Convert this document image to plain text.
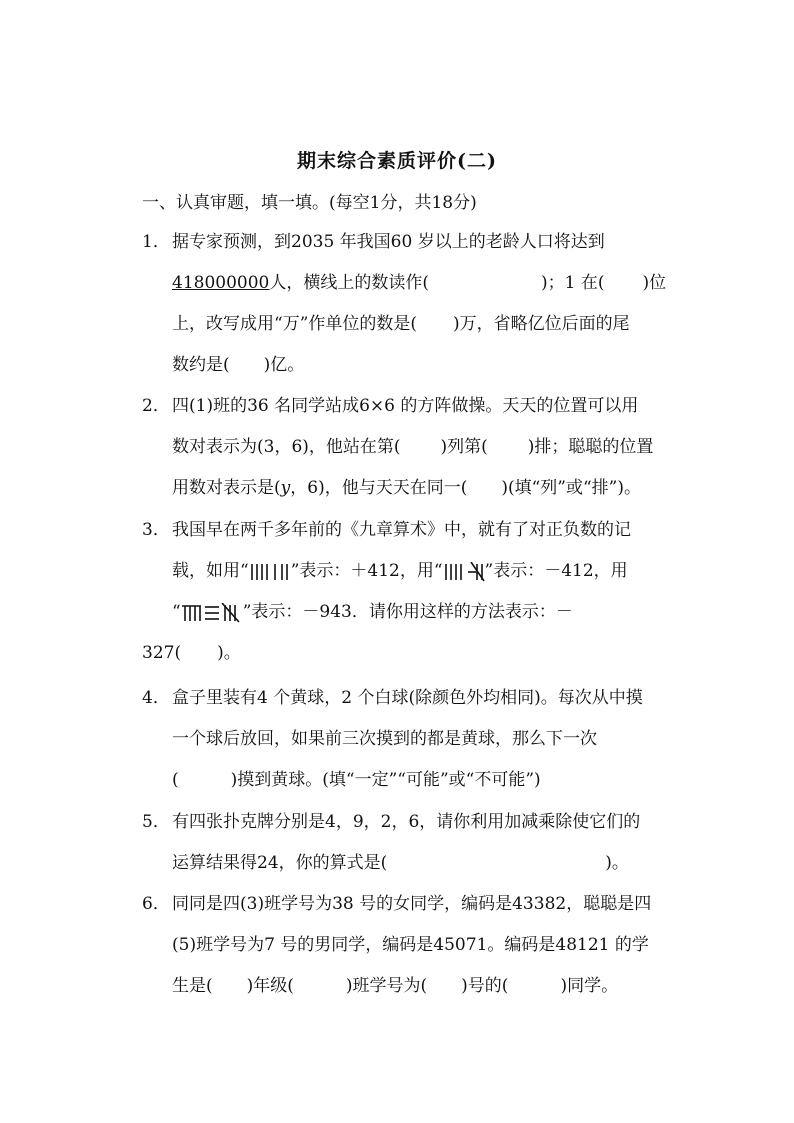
期末综合素质评价(二)
一、认真审题，填一填。(每空1分，共18分)
1． 据专家预测，到2035 年我国60 岁以上的老龄人口将达到
418000000人，横线上的数读作(	)；1 在( )位
上，改写成用“万”作单位的数是( )万，省略亿位后面的尾
数约是( )亿。
2． 四(1)班的36 名同学站成6×6 的方阵做操。天天的位置可以用
数对表示为(3，6)，他站在第( )列第( )排；聪聪的位置
用数对表示是(y，6)，他与天天在同一( )(填“列”或“排”)。
3． 我国早在两千多年前的《九章算术》中，就有了对正负数的记
载，如用“ ”表示：＋412，用“ ”表示：－412，用
“	”表示：－943．请你用这样的方法表示：－
327( )。
4． 盒子里装有4 个黄球，2 个白球(除颜色外均相同)。每次从中摸
一个球后放回，如果前三次摸到的都是黄球，那么下一次
(	)摸到黄球。(填“一定”“可能”或“不可能”)
5． 有四张扑克牌分别是4，9，2，6，请你利用加减乘除使它们的
运算结果得24，你的算式是(	)。
6． 同同是四(3)班学号为38 号的女同学，编码是43382，聪聪是四
(5)班学号为7 号的男同学，编码是45071。编码是48121 的学
生是( )年级(	)班学号为( )号的(	)同学。
